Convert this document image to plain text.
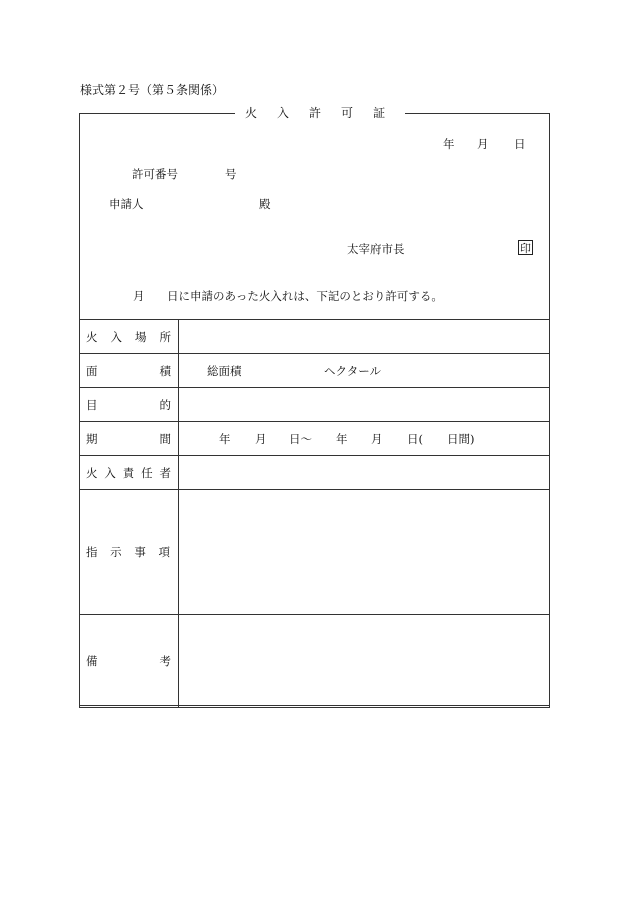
様式第２号（第５条関係）
火入許可証
年 月 日
許可番号	号
申請人	殿
太宰府市長	印
月 日に申請のあった火入れは、下記のとおり許可する。
火 入 場 所	

面 積	総面積 ヘクタール

目 的	

期 間	年 月 日～ 年 月 日( 日間)

火 入 責 任 者	

指 示 事 項	

備 考	
